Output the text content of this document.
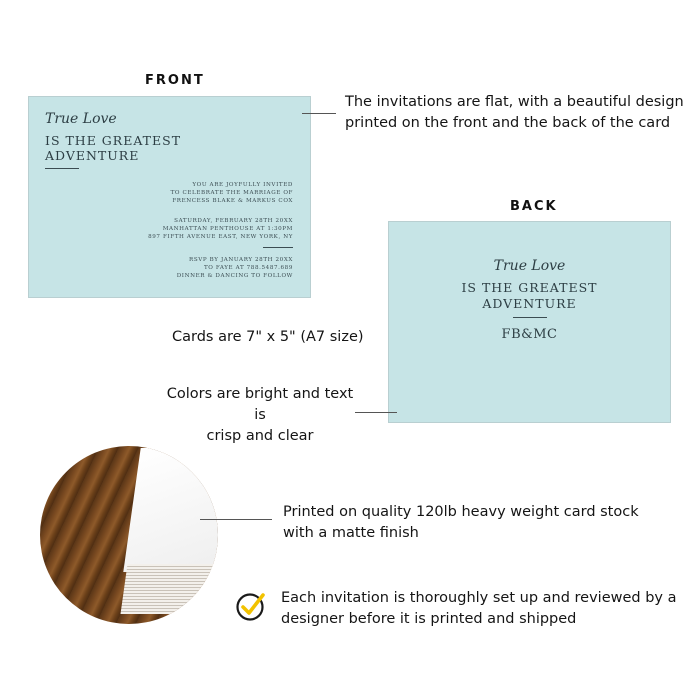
FRONT
True Love
IS THE GREATEST
ADVENTURE
YOU ARE JOYFULLY INVITED
TO CELEBRATE THE MARRIAGE OF
FRENCESS BLAKE & MARKUS COX
SATURDAY, FEBRUARY 28TH 20XX
MANHATTAN PENTHOUSE AT 1:30PM
897 FIFTH AVENUE EAST, NEW YORK, NY
RSVP BY JANUARY 28TH 20XX
TO FAYE AT 788.5487.689
DINNER & DANCING TO FOLLOW
The invitations are flat, with a beautiful design
printed on the front and the back of the card
BACK
True Love
IS THE GREATEST
ADVENTURE
FB&MC
Cards are 7" x 5" (A7 size)
Colors are bright and text is
crisp and clear
Printed on quality 120lb heavy weight card stock
with a matte finish
Each invitation is thoroughly set up and reviewed by a
designer before it is printed and shipped
